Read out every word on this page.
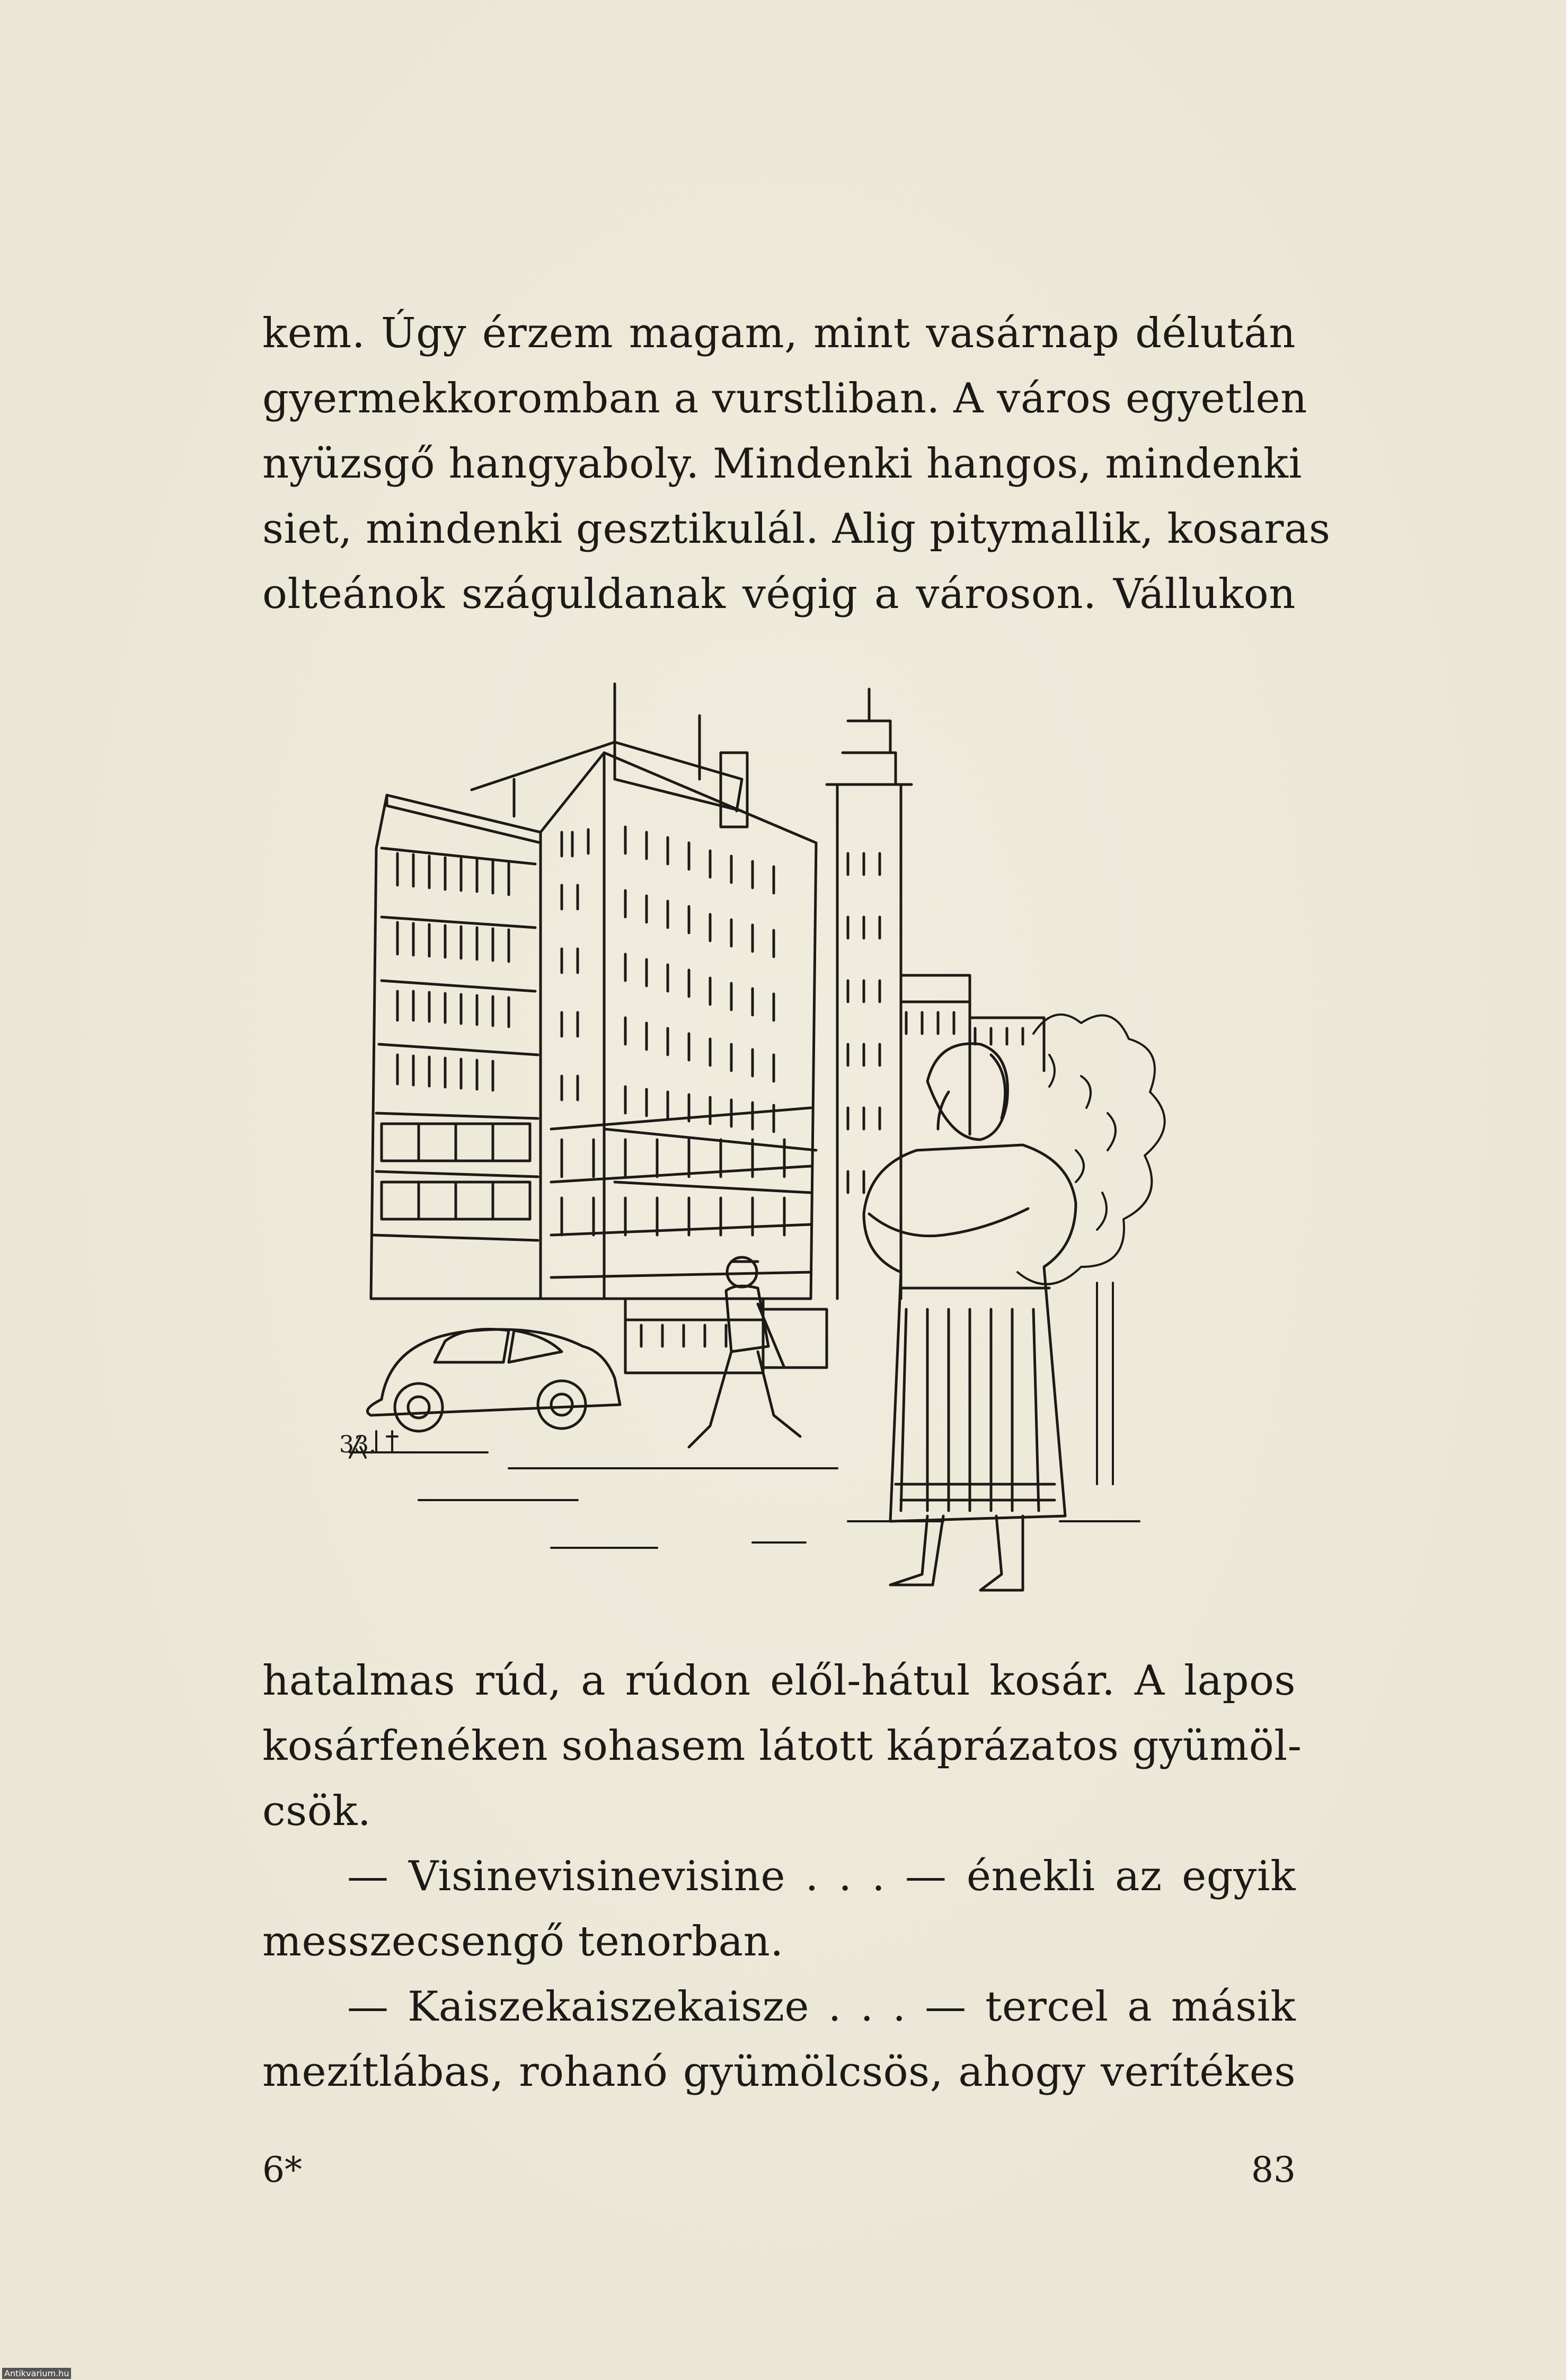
kem. Úgy érzem magam, mint vasárnap délután

gyermekkoromban a vurstliban. A város egyetlen

nyüzsgő hangyaboly. Mindenki hangos, mindenki

siet, mindenki gesztikulál. Alig pitymallik, kosaras

olteánok száguldanak végig a városon. Vállukon

33.

hatalmas rúd, a rúdon elől-hátul kosár. A lapos

kosárfenéken sohasem látott káprázatos gyümöl-

csök.

— Visinevisinevisine . . . — énekli az egyik

messzecsengő tenorban.

— Kaiszekaiszekaisze . . . — tercel a másik

mezítlábas, rohanó gyümölcsös, ahogy verítékes

6*	83
Antikvarium.hu
